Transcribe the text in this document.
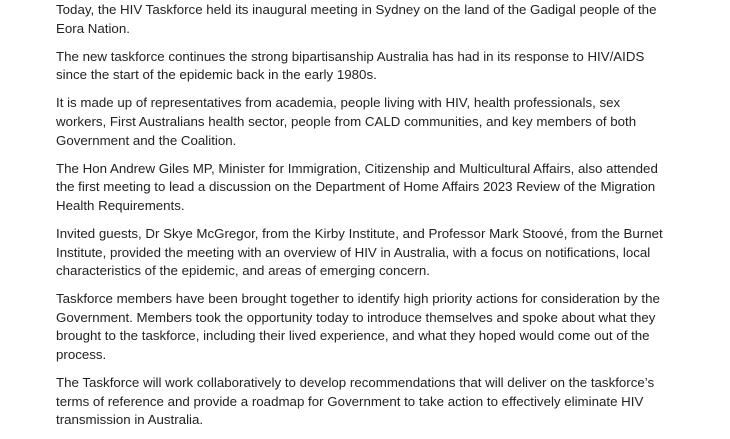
Today, the HIV Taskforce held its inaugural meeting in Sydney on the land of the Gadigal people of the
Eora Nation.

The new taskforce continues the strong bipartisanship Australia has had in its response to HIV/AIDS
since the start of the epidemic back in the early 1980s.

It is made up of representatives from academia, people living with HIV, health professionals, sex
workers, First Australians health sector, people from CALD communities, and key members of both
Government and the Coalition.

The Hon Andrew Giles MP, Minister for Immigration, Citizenship and Multicultural Affairs, also attended
the first meeting to lead a discussion on the Department of Home Affairs 2023 Review of the Migration
Health Requirements.

Invited guests, Dr Skye McGregor, from the Kirby Institute, and Professor Mark Stoové, from the Burnet
Institute, provided the meeting with an overview of HIV in Australia, with a focus on notifications, local
characteristics of the epidemic, and areas of emerging concern.

Taskforce members have been brought together to identify high priority actions for consideration by the
Government. Members took the opportunity today to introduce themselves and spoke about what they
brought to the taskforce, including their lived experience, and what they hoped would come out of the
process.

The Taskforce will work collaboratively to develop recommendations that will deliver on the taskforce’s
terms of reference and provide a roadmap for Government to take action to effectively eliminate HIV
transmission in Australia.
